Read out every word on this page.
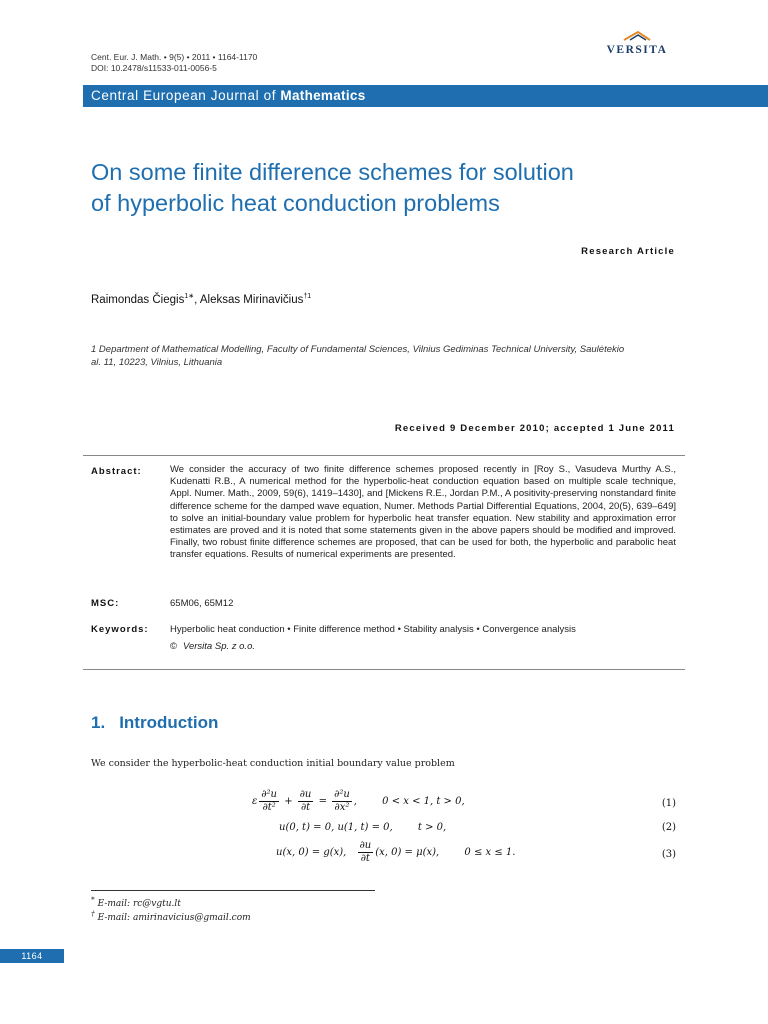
Cent. Eur. J. Math. • 9(5) • 2011 • 1164-1170
DOI: 10.2478/s11533-011-0056-5
VERSITA
Central European Journal of Mathematics
On some finite difference schemes for solution
of hyperbolic heat conduction problems
Research Article
Raimondas Čiegis$^{1∗}$, Aleksas Mirinavičius$^{\dagger 1}$
1 Department of Mathematical Modelling, Faculty of Fundamental Sciences, Vilnius Gediminas Technical University, Saulėtekio
al. 11, 10223, Vilnius, Lithuania
Received 9 December 2010; accepted 1 June 2011
Abstract:	We consider the accuracy of two finite difference schemes proposed recently in [Roy S., Vasudeva Murthy A.S., Kudenatti R.B., A numerical method for the hyperbolic-heat conduction equation based on multiple scale technique, Appl. Numer. Math., 2009, 59(6), 1419–1430], and [Mickens R.E., Jordan P.M., A positivity-preserving nonstandard finite difference scheme for the damped wave equation, Numer. Methods Partial Differential Equations, 2004, 20(5), 639–649] to solve an initial-boundary value problem for hyperbolic heat transfer equation. New stability and approximation error estimates are proved and it is noted that some statements given in the above papers should be modified and improved. Finally, two robust finite difference schemes are proposed, that can be used for both, the hyperbolic and parabolic heat transfer equations. Results of numerical experiments are presented.
MSC:	65M06, 65M12
Keywords: Hyperbolic heat conduction • Finite difference method • Stability analysis • Convergence analysis
© Versita Sp. z o.o.
1. Introduction
We consider the hyperbolic-heat conduction initial boundary value problem
ε $\frac{\text{∂²u}}{\text{∂t²}} + \frac{\partial u}{\partial t} = \frac{\text{∂²u}}{\text{∂x²}}$ ,	0 < x < 1, t > 0,	(1)
u(0, t) = 0, u(1, t) = 0,	t > 0,	(2)
u(x, 0) = g(x), $\frac{\partial u}{\partial t} (x$, 0) = μ(x),	0 ≤ x ≤ 1.	(3)
* E-mail: rc@vgtu.lt
† E-mail: amirinavicius@gmail.com
1164
